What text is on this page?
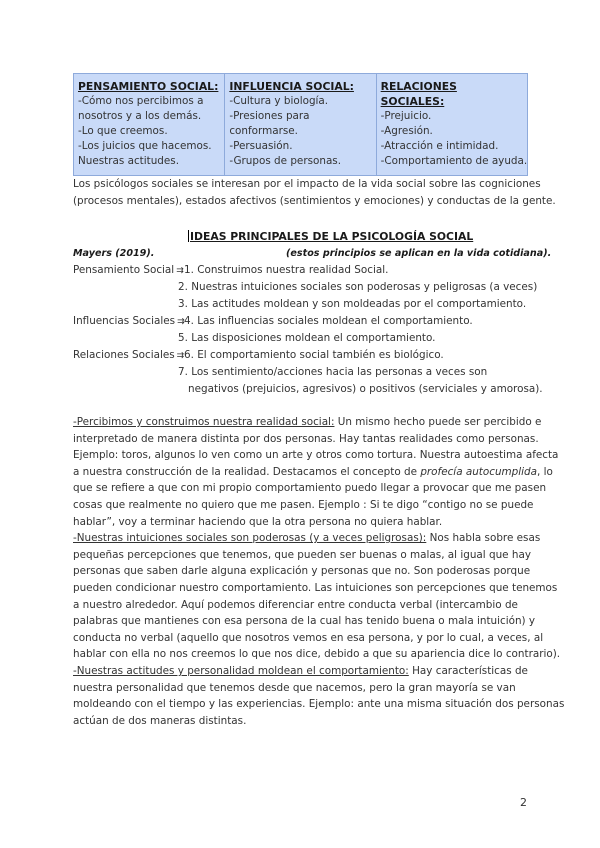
PENSAMIENTO SOCIAL:
-Cómo nos percibimos a
nosotros y a los demás.
-Lo que creemos.
-Los juicios que hacemos.
Nuestras actitudes.

INFLUENCIA SOCIAL:
-Cultura y biología.
-Presiones para
conformarse.
-Persuasión.
-Grupos de personas.

RELACIONES SOCIALES:
-Prejuicio.
-Agresión.
-Atracción e intimidad.
-Comportamiento de ayuda.
Los psicólogos sociales se interesan por el impacto de la vida social sobre las cogniciones
(procesos mentales), estados afectivos (sentimientos y emociones) y conductas de la gente.
IDEAS PRINCIPALES DE LA PSICOLOGÍA SOCIAL
Mayers (2019).	(estos principios se aplican en la vida cotidiana).
Pensamiento Social ⇉ 1. Construimos nuestra realidad Social.
2. Nuestras intuiciones sociales son poderosas y peligrosas (a veces)
3. Las actitudes moldean y son moldeadas por el comportamiento.
Influencias Sociales ⇉ 4. Las influencias sociales moldean el comportamiento.
5. Las disposiciones moldean el comportamiento.
Relaciones Sociales ⇉ 6. El comportamiento social también es biológico.
7. Los sentimiento/acciones hacia las personas a veces son
negativos (prejuicios, agresivos) o positivos (serviciales y amorosa).
-Percibimos y construimos nuestra realidad social: Un mismo hecho puede ser percibido e
interpretado de manera distinta por dos personas. Hay tantas realidades como personas.
Ejemplo: toros, algunos lo ven como un arte y otros como tortura. Nuestra autoestima afecta
a nuestra construcción de la realidad. Destacamos el concepto de profecía autocumplida, lo
que se refiere a que con mi propio comportamiento puedo llegar a provocar que me pasen
cosas que realmente no quiero que me pasen. Ejemplo : Si te digo “contigo no se puede
hablar”, voy a terminar haciendo que la otra persona no quiera hablar.
-Nuestras intuiciones sociales son poderosas (y a veces peligrosas): Nos habla sobre esas
pequeñas percepciones que tenemos, que pueden ser buenas o malas, al igual que hay
personas que saben darle alguna explicación y personas que no. Son poderosas porque
pueden condicionar nuestro comportamiento. Las intuiciones son percepciones que tenemos
a nuestro alrededor. Aquí podemos diferenciar entre conducta verbal (intercambio de
palabras que mantienes con esa persona de la cual has tenido buena o mala intuición) y
conducta no verbal (aquello que nosotros vemos en esa persona, y por lo cual, a veces, al
hablar con ella no nos creemos lo que nos dice, debido a que su apariencia dice lo contrario).
-Nuestras actitudes y personalidad moldean el comportamiento: Hay características de
nuestra personalidad que tenemos desde que nacemos, pero la gran mayoría se van
moldeando con el tiempo y las experiencias. Ejemplo: ante una misma situación dos personas
actúan de dos maneras distintas.
2
